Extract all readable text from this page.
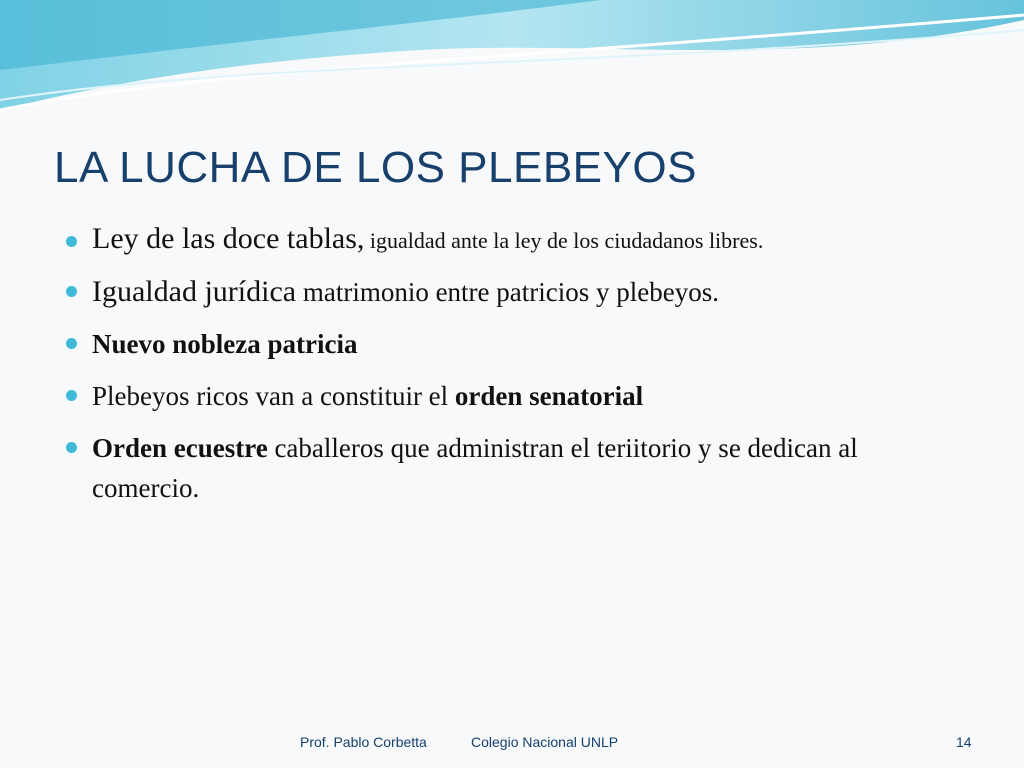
LA LUCHA DE LOS PLEBEYOS
Ley de las doce tablas, igualdad ante la ley de los ciudadanos libres.
Igualdad jurídica matrimonio entre patricios y plebeyos.
Nuevo nobleza patricia
Plebeyos ricos van a constituir el orden senatorial
Orden ecuestre caballeros que administran el teriitorio y se dedican al comercio.
Prof. Pablo Corbetta	Colegio Nacional UNLP	14
